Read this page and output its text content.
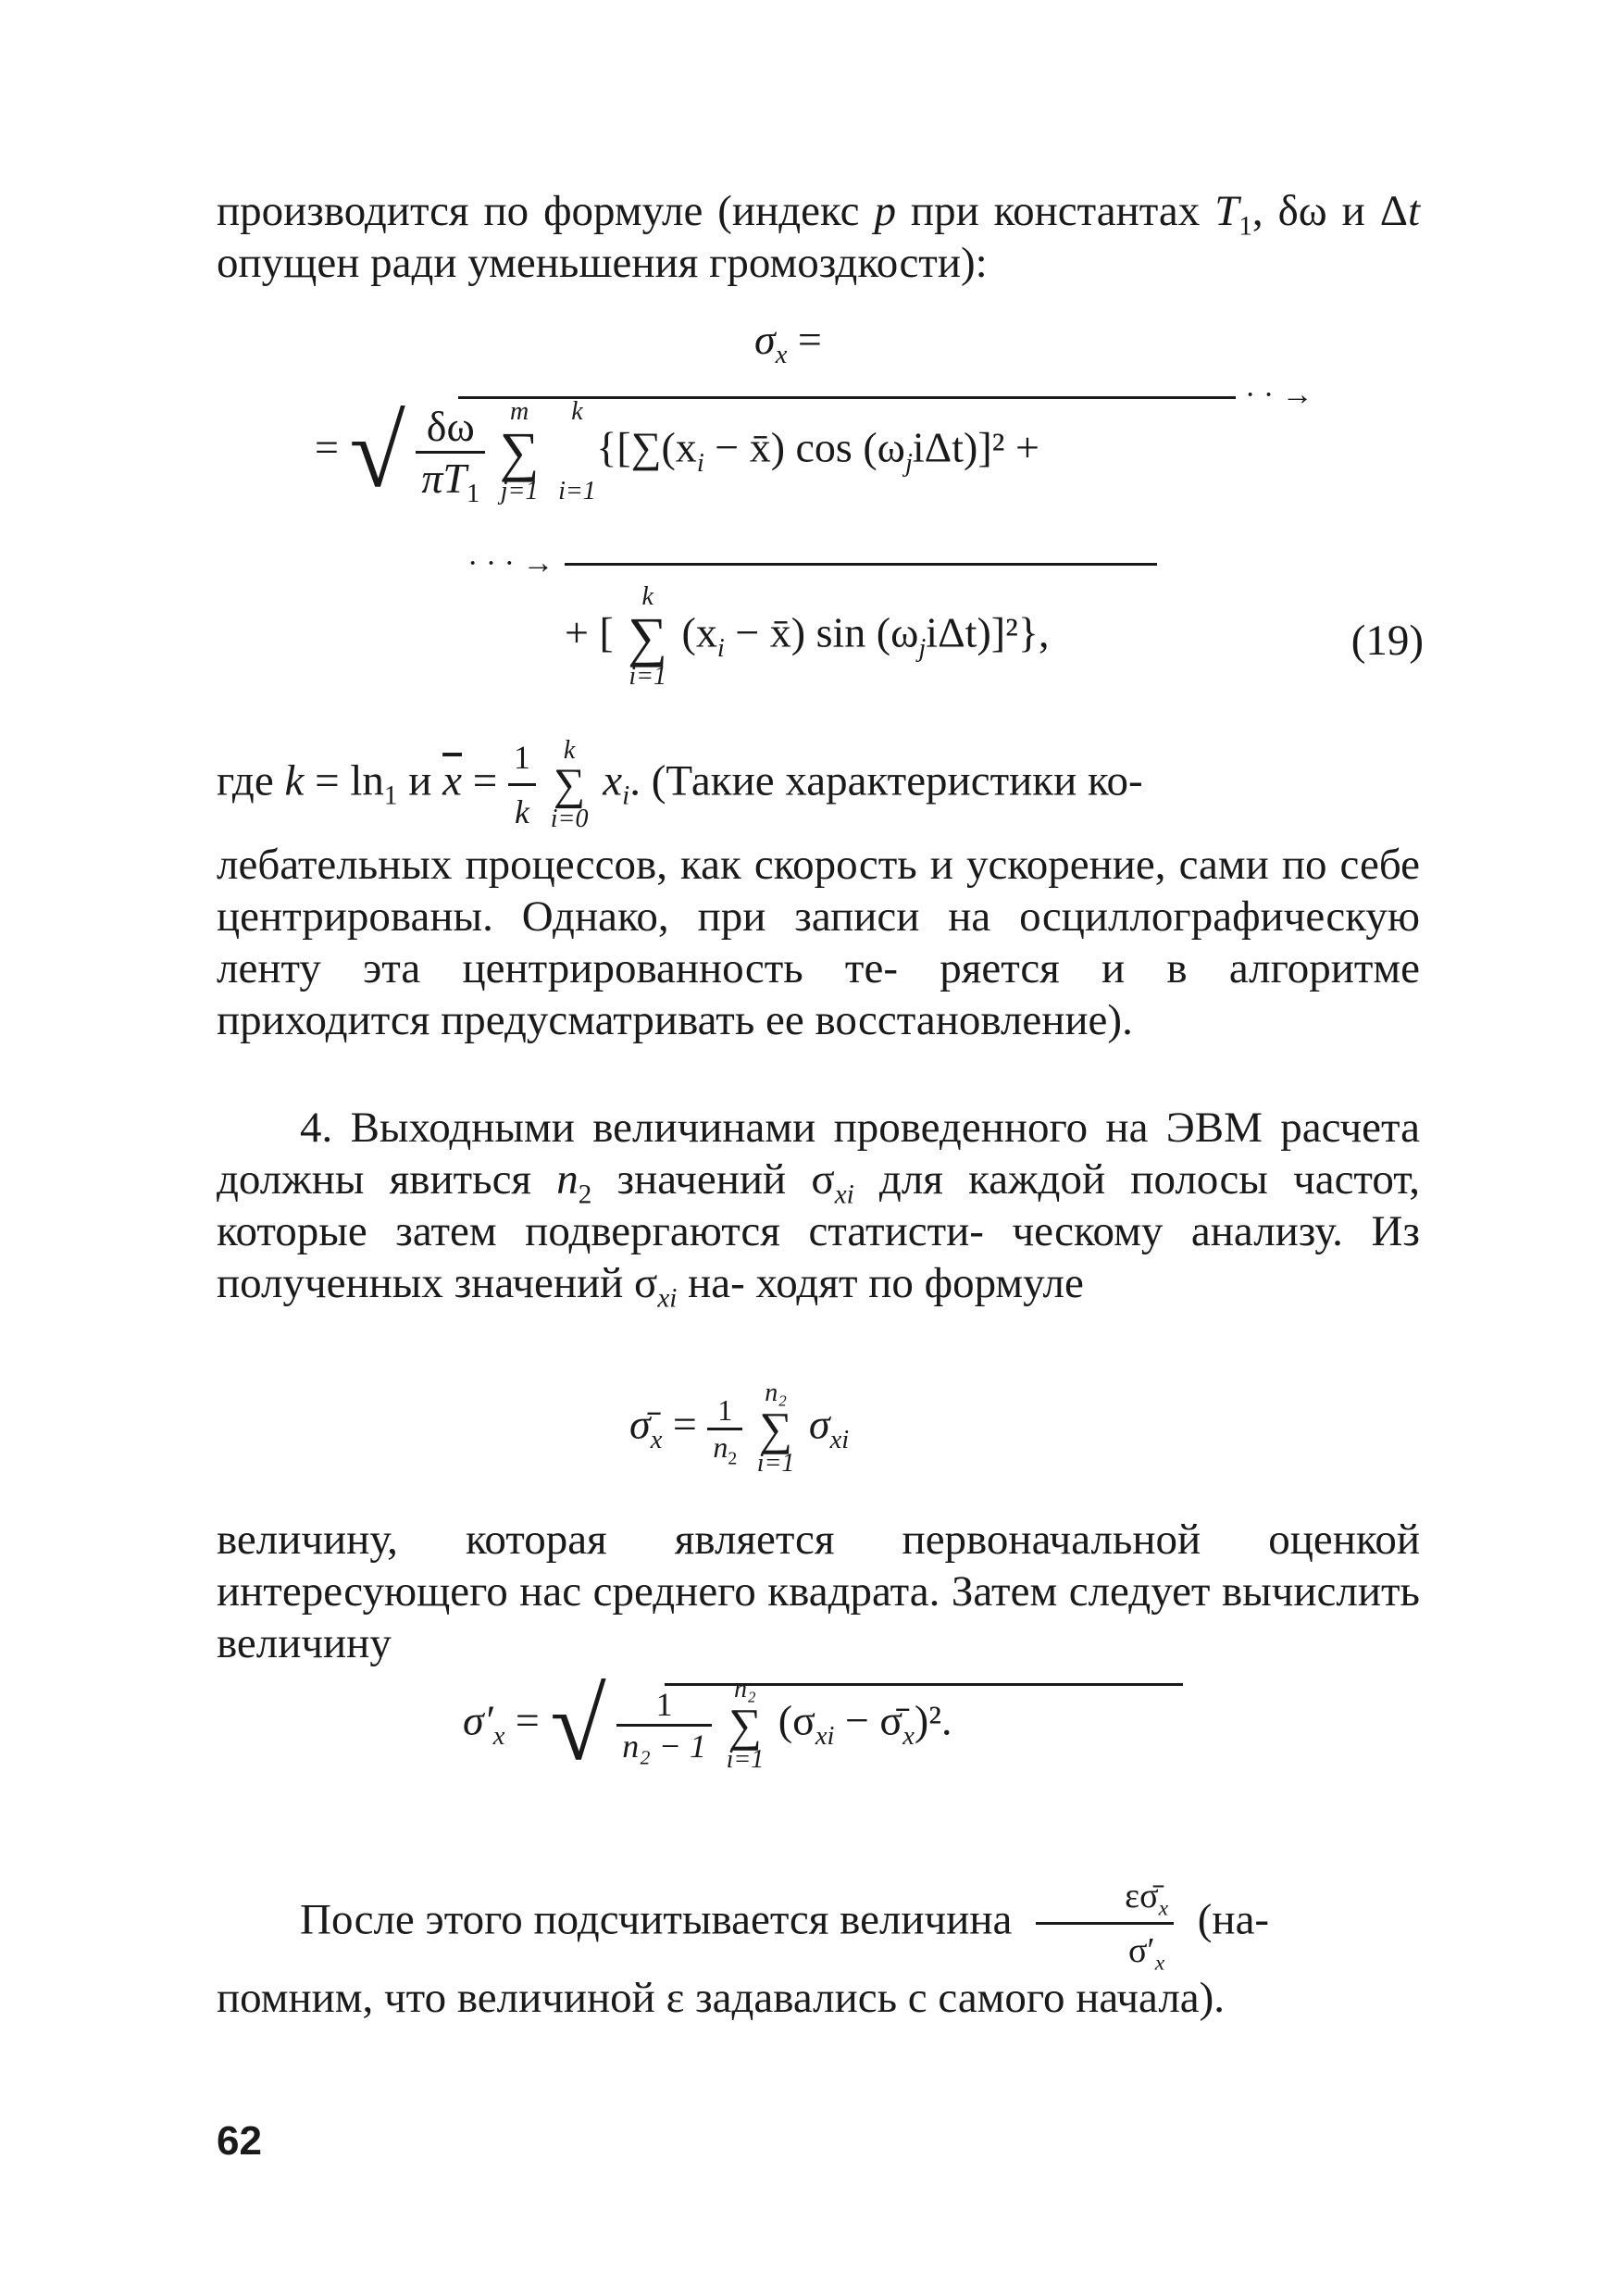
производится по формуле (индекс p при константах $T_1$, δω и Δt опущен ради уменьшения громоздкости):

$\sigma_x$ =
= √ $\frac{\delta\omega}{\pi T_1}$
m
∑
j=1

k
i=1
{[$\sum(x_i$ − x̄) $\cos (\omega_ji\Delta t)]^2$ +
· · →
· · · →
+ [
k
∑
i=1
($x_i$ − x̄) $\sin (\omega_ji\Delta t)]^2$},	(19)
где $k = \ln_1 и$ $\overline{x} = \frac{1}{k}$
	k
∑
i=0
$x_i$. (Такие характеристики ко-

лебательных процессов, как скорость и ускорение, сами по себе центрированы. Однако, при записи на осциллографическую ленту эта центрированность те- ряется и в алгоритме приходится предусматривать ее восстановление).

4. Выходными величинами проведенного на ЭВМ расчета должны явиться $n_2$ значений $\sigma_{xi}$ для каждой полосы частот, которые затем подвергаются статисти- ческому анализу. Из полученных значений $\sigma_{xi}$ на- ходят по формуле

$\sigmā_x = \frac{1}{n_2}$
n₂
∑
i=1
$\sigma_{xi}$

величину, которая является первоначальной оценкой интересующего нас среднего квадрата. Затем следует вычислить величину

$\sigma'_x$ = √ $\frac{1}{\text{n₂ − 1}}$
n₂
∑
i=1
($\sigma_{xi}$ − $\sigmā_x)^2$.
После этого подсчитывается величина $\frac{\varepsilon\sigmā_x}{\sigma'_x} (на-$

помним, что величиной ε задавались с самого начала).

62
